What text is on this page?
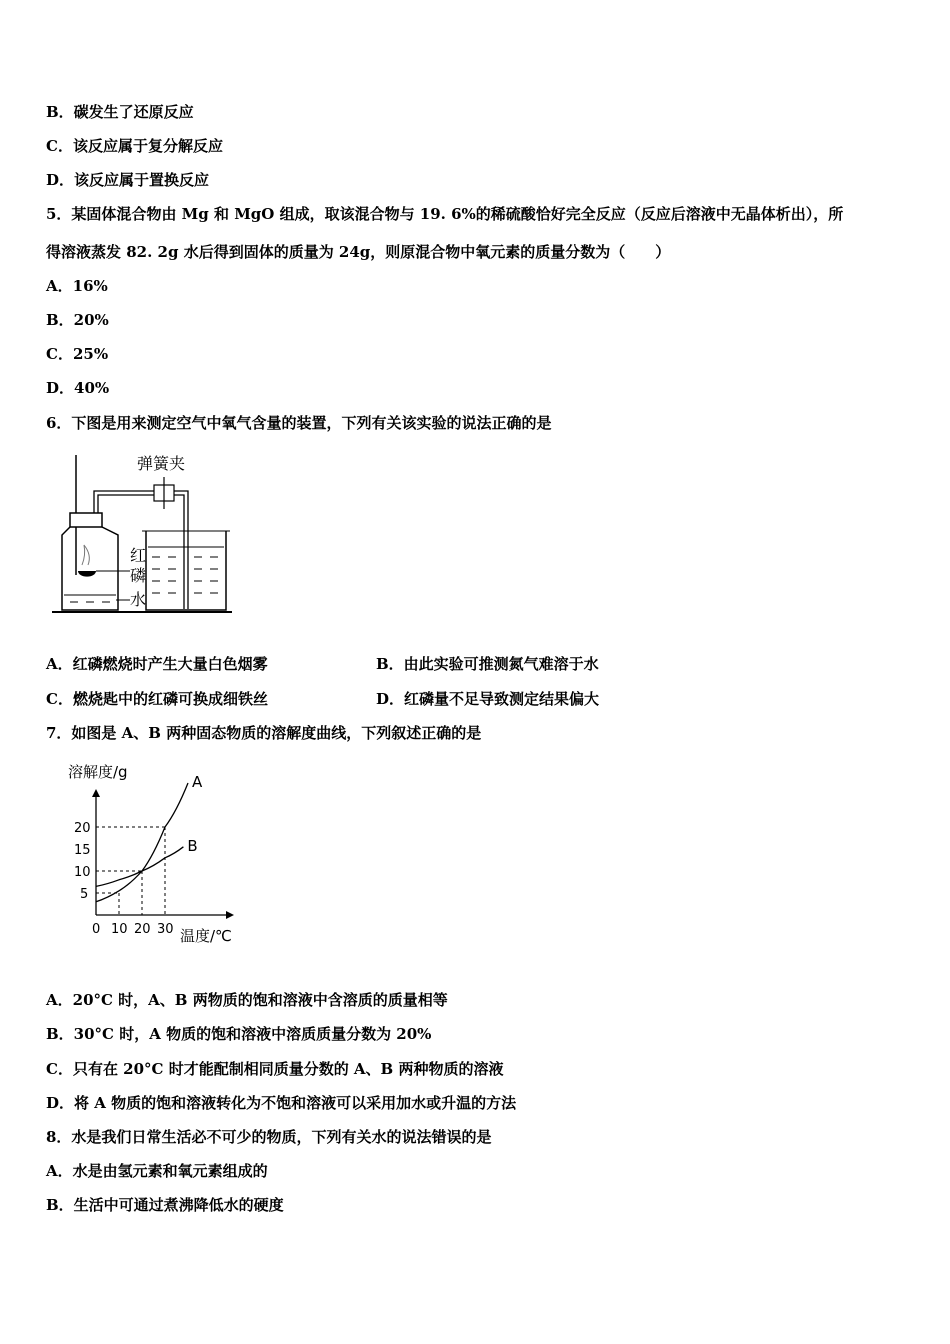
B．碳发生了还原反应
C．该反应属于复分解反应
D．该反应属于置换反应
5．某固体混合物由 Mg 和 MgO 组成，取该混合物与 19. 6%的稀硫酸恰好完全反应（反应后溶液中无晶体析出），所
得溶液蒸发 82. 2g 水后得到固体的质量为 24g，则原混合物中氧元素的质量分数为（　　）
A．16%
B．20%
C．25%
D．40%
6．下图是用来测定空气中氧气含量的装置，下列有关该实验的说法正确的是
弹簧夹
红
磷
水
A．红磷燃烧时产生大量白色烟雾	B．由此实验可推测氮气难溶于水
C．燃烧匙中的红磷可换成细铁丝	D．红磷量不足导致测定结果偏大
7．如图是 A、B 两种固态物质的溶解度曲线，下列叙述正确的是
溶解度/g
温度/℃
0 10 20 30
5
10
15
20
A
B
A．20°C 时，A、B 两物质的饱和溶液中含溶质的质量相等
B．30°C 时，A 物质的饱和溶液中溶质质量分数为 20%
C．只有在 20°C 时才能配制相同质量分数的 A、B 两种物质的溶液
D．将 A 物质的饱和溶液转化为不饱和溶液可以采用加水或升温的方法
8．水是我们日常生活必不可少的物质，下列有关水的说法错误的是
A．水是由氢元素和氧元素组成的
B．生活中可通过煮沸降低水的硬度
